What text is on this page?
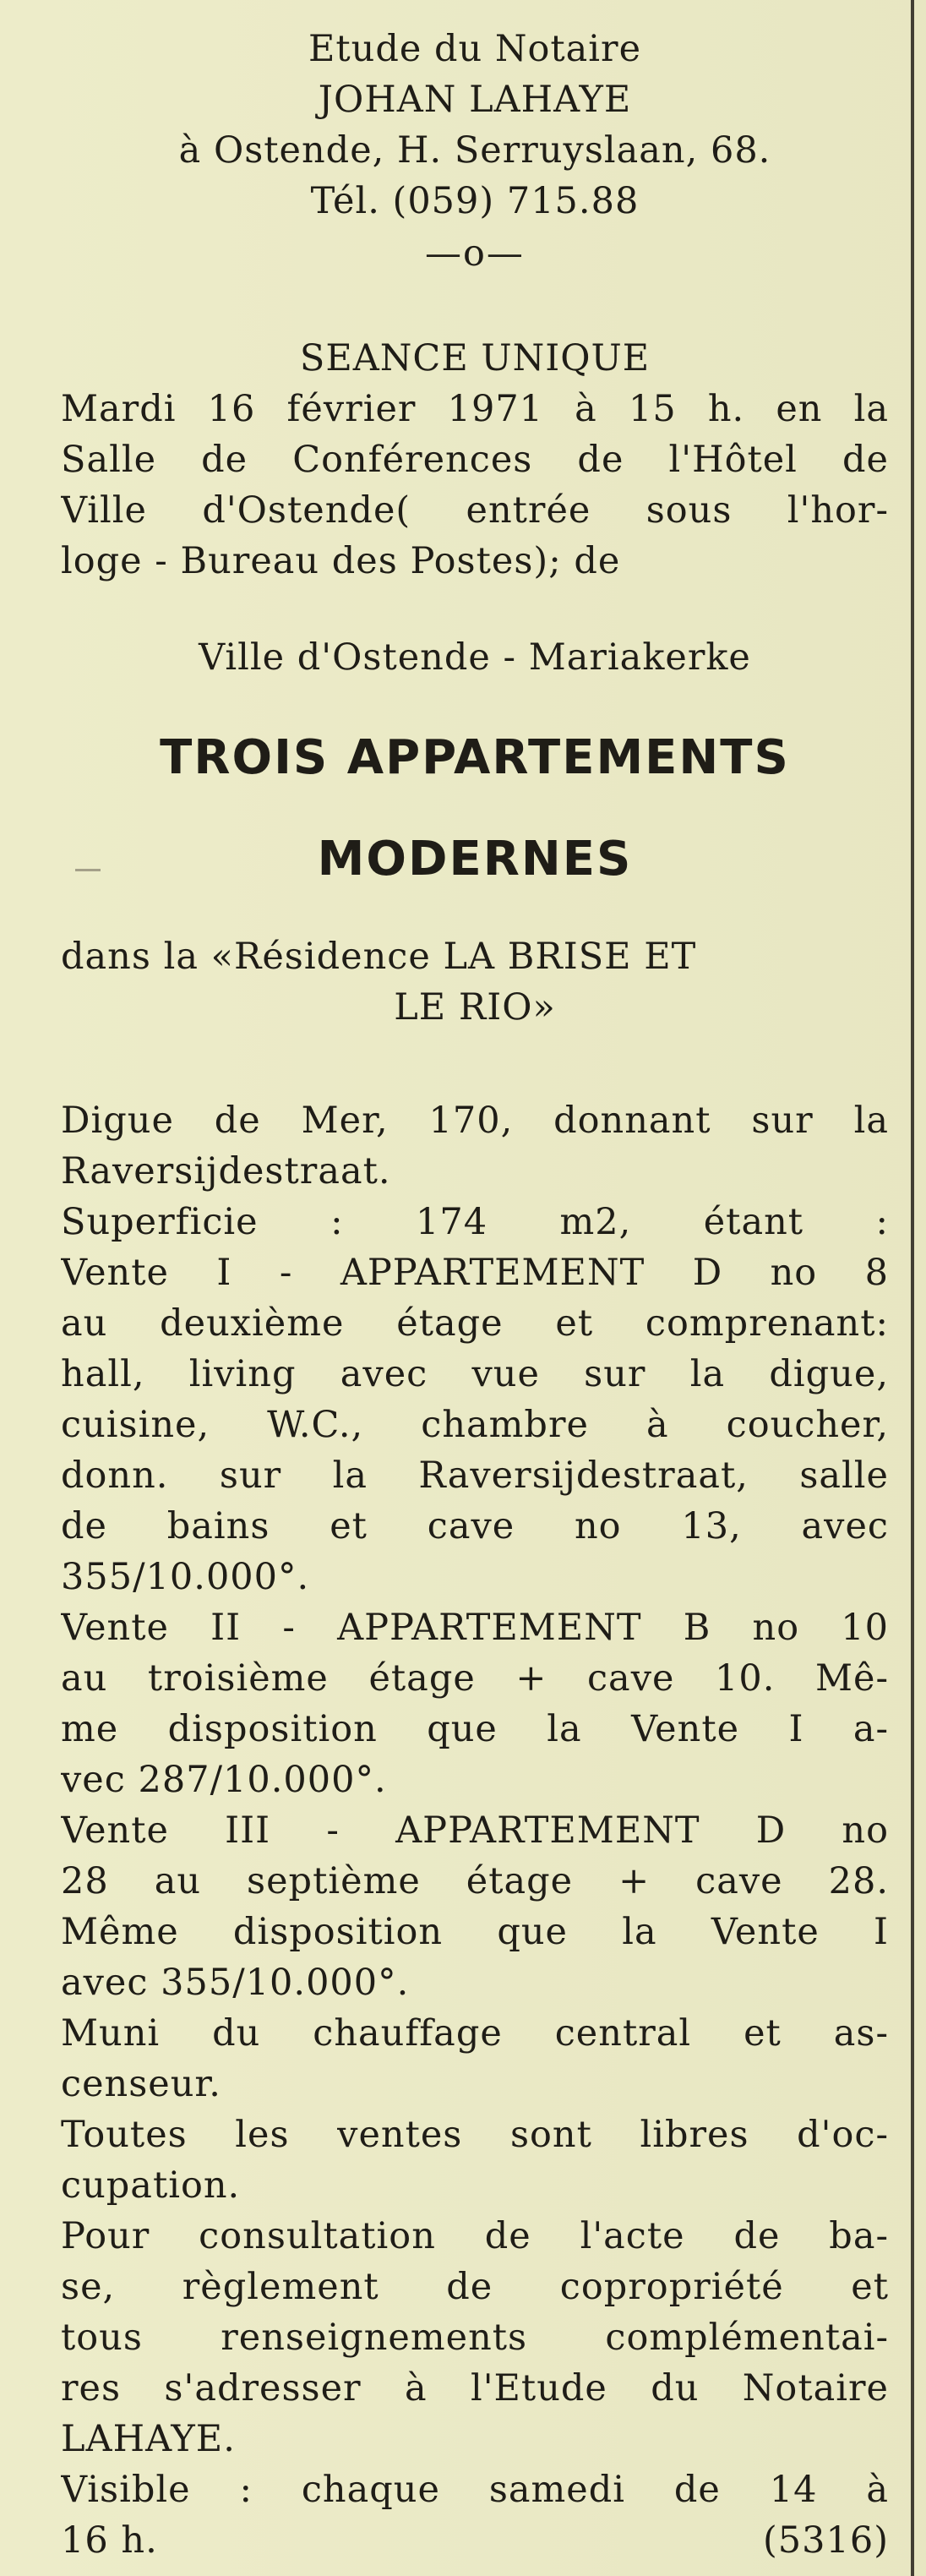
Etude du Notaire
JOHAN LAHAYE
à Ostende, H. Serruyslaan, 68.
Tél. (059) 715.88
—o—
SEANCE UNIQUE
Mardi 16 février 1971 à 15 h. en la
Salle de Conférences de l'Hôtel de
Ville d'Ostende( entrée sous l'hor-
loge - Bureau des Postes); de
Ville d'Ostende - Mariakerke
TROIS APPARTEMENTS
MODERNES
dans la «Résidence LA BRISE ET
LE RIO»
Digue de Mer, 170, donnant sur la
Raversijdestraat.
Superficie : 174 m2, étant :
Vente I - APPARTEMENT D no 8
au deuxième étage et comprenant:
hall, living avec vue sur la digue,
cuisine, W.C., chambre à coucher,
donn. sur la Raversijdestraat, salle
de bains et cave no 13, avec
355/10.000°.
Vente II - APPARTEMENT B no 10
au troisième étage + cave 10. Mê-
me disposition que la Vente I a-
vec 287/10.000°.
Vente III - APPARTEMENT D no
28 au septième étage + cave 28.
Même disposition que la Vente I
avec 355/10.000°.
Muni du chauffage central et as-
censeur.
Toutes les ventes sont libres d'oc-
cupation.
Pour consultation de l'acte de ba-
se, règlement de copropriété et
tous renseignements complémentai-
res s'adresser à l'Etude du Notaire
LAHAYE.
Visible : chaque samedi de 14 à
16 h.	(5316)
